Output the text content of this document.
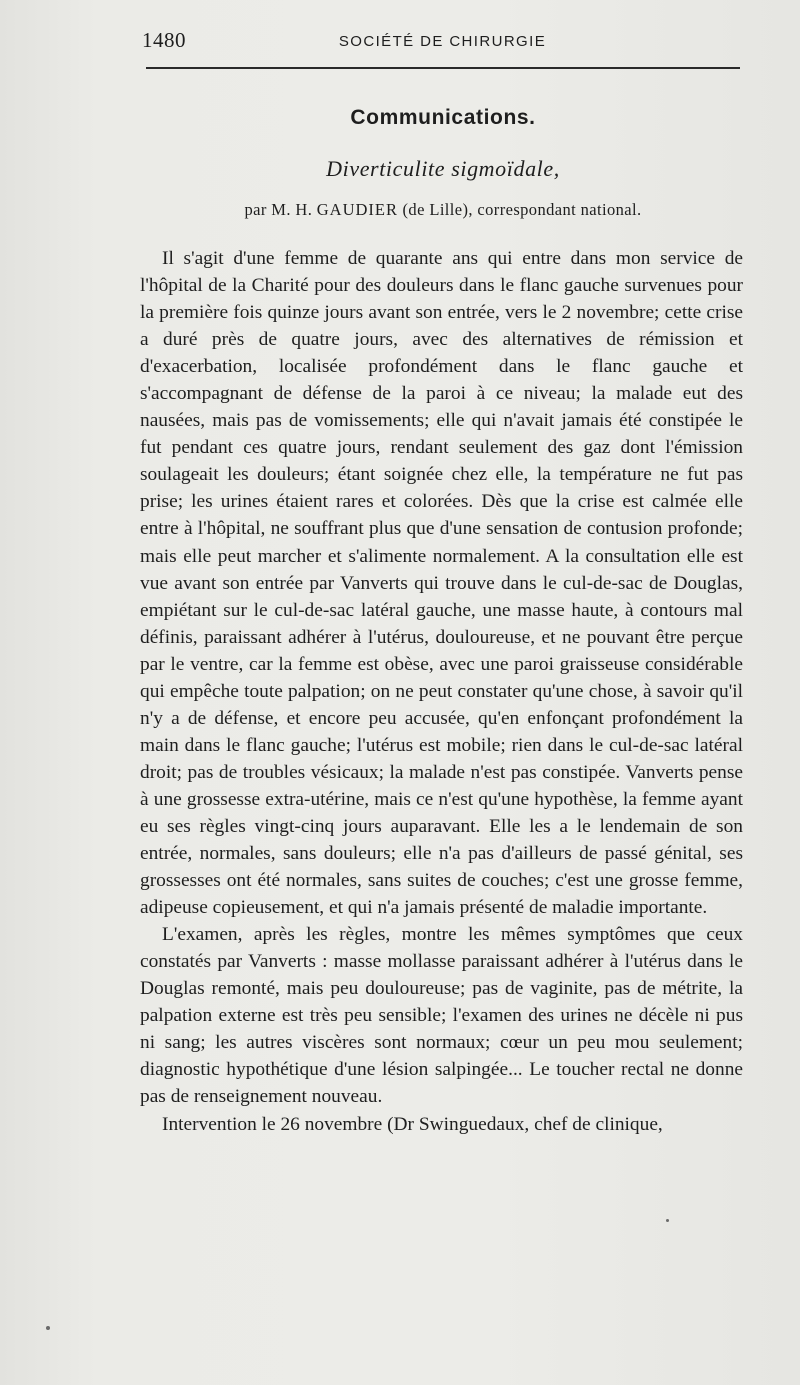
1480	SOCIÉTÉ DE CHIRURGIE
Communications.
Diverticulite sigmoïdale,
par M. H. GAUDIER (de Lille), correspondant national.

Il s'agit d'une femme de quarante ans qui entre dans mon service de l'hôpital de la Charité pour des douleurs dans le flanc gauche survenues pour la première fois quinze jours avant son entrée, vers le 2 novembre; cette crise a duré près de quatre jours, avec des alternatives de rémission et d'exacerbation, localisée profondément dans le flanc gauche et s'accompagnant de défense de la paroi à ce niveau; la malade eut des nausées, mais pas de vomissements; elle qui n'avait jamais été constipée le fut pendant ces quatre jours, rendant seulement des gaz dont l'émission soulageait les douleurs; étant soignée chez elle, la température ne fut pas prise; les urines étaient rares et colorées. Dès que la crise est calmée elle entre à l'hôpital, ne souffrant plus que d'une sensation de contusion profonde; mais elle peut marcher et s'alimente normalement. A la consultation elle est vue avant son entrée par Vanverts qui trouve dans le cul-de-sac de Douglas, empiétant sur le cul-de-sac latéral gauche, une masse haute, à contours mal définis, paraissant adhérer à l'utérus, douloureuse, et ne pouvant être perçue par le ventre, car la femme est obèse, avec une paroi graisseuse considérable qui empêche toute palpation; on ne peut constater qu'une chose, à savoir qu'il n'y a de défense, et encore peu accusée, qu'en enfonçant profondément la main dans le flanc gauche; l'utérus est mobile; rien dans le cul-de-sac latéral droit; pas de troubles vésicaux; la malade n'est pas constipée. Vanverts pense à une grossesse extra-utérine, mais ce n'est qu'une hypothèse, la femme ayant eu ses règles vingt-cinq jours auparavant. Elle les a le lendemain de son entrée, normales, sans douleurs; elle n'a pas d'ailleurs de passé génital, ses grossesses ont été normales, sans suites de couches; c'est une grosse femme, adipeuse copieusement, et qui n'a jamais présenté de maladie importante.

L'examen, après les règles, montre les mêmes symptômes que ceux constatés par Vanverts : masse mollasse paraissant adhérer à l'utérus dans le Douglas remonté, mais peu douloureuse; pas de vaginite, pas de métrite, la palpation externe est très peu sensible; l'examen des urines ne décèle ni pus ni sang; les autres viscères sont normaux; cœur un peu mou seulement; diagnostic hypothétique d'une lésion salpingée... Le toucher rectal ne donne pas de renseignement nouveau.

Intervention le 26 novembre (Dr Swinguedaux, chef de clinique,
